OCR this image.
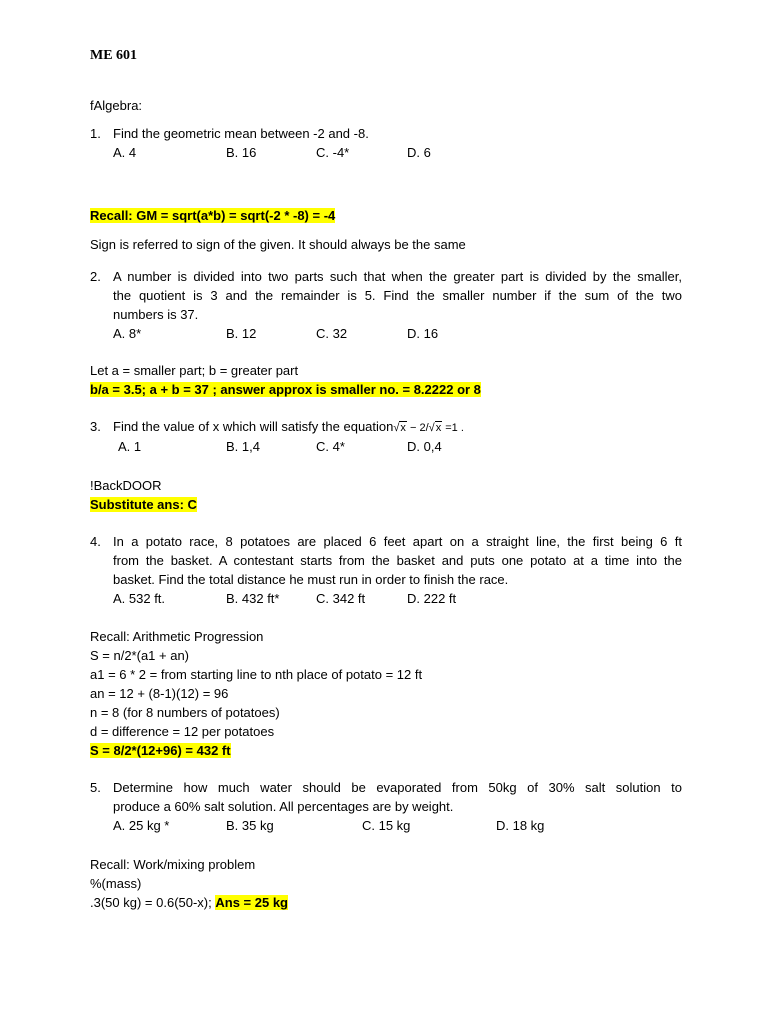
ME 601
fAlgebra:
1. Find the geometric mean between -2 and -8.
A. 4	B. 16	C. -4*	D. 6
Recall: GM = sqrt(a*b) = sqrt(-2 * -8) = -4
Sign is referred to sign of the given. It should always be the same
2. A number is divided into two parts such that when the greater part is divided by the smaller,
the quotient is 3 and the remainder is 5. Find the smaller number if the sum of the two
numbers is 37.
A. 8*	B. 12	C. 32	D. 16
Let a = smaller part; b = greater part
b/a = 3.5; a + b = 37 ; answer approx is smaller no. = 8.2222 or 8
3. Find the value of x which will satisfy the equation√x − 2/√x =1 .
A. 1	B. 1,4	C. 4*	D. 0,4
!BackDOOR
Substitute ans: C
4. In a potato race, 8 potatoes are placed 6 feet apart on a straight line, the first being 6 ft
from the basket. A contestant starts from the basket and puts one potato at a time into the
basket. Find the total distance he must run in order to finish the race.
A. 532 ft.	B. 432 ft*	C. 342 ft	D. 222 ft
Recall: Arithmetic Progression
S = n/2*(a1 + an)
a1 = 6 * 2 = from starting line to nth place of potato = 12 ft
an = 12 + (8-1)(12) = 96
n = 8 (for 8 numbers of potatoes)
d = difference = 12 per potatoes
S = 8/2*(12+96) = 432 ft
5. Determine how much water should be evaporated from 50kg of 30% salt solution to
produce a 60% salt solution. All percentages are by weight.
A. 25 kg *	B. 35 kg	C. 15 kg	D. 18 kg
Recall: Work/mixing problem
%(mass)
.3(50 kg) = 0.6(50-x); Ans = 25 kg
